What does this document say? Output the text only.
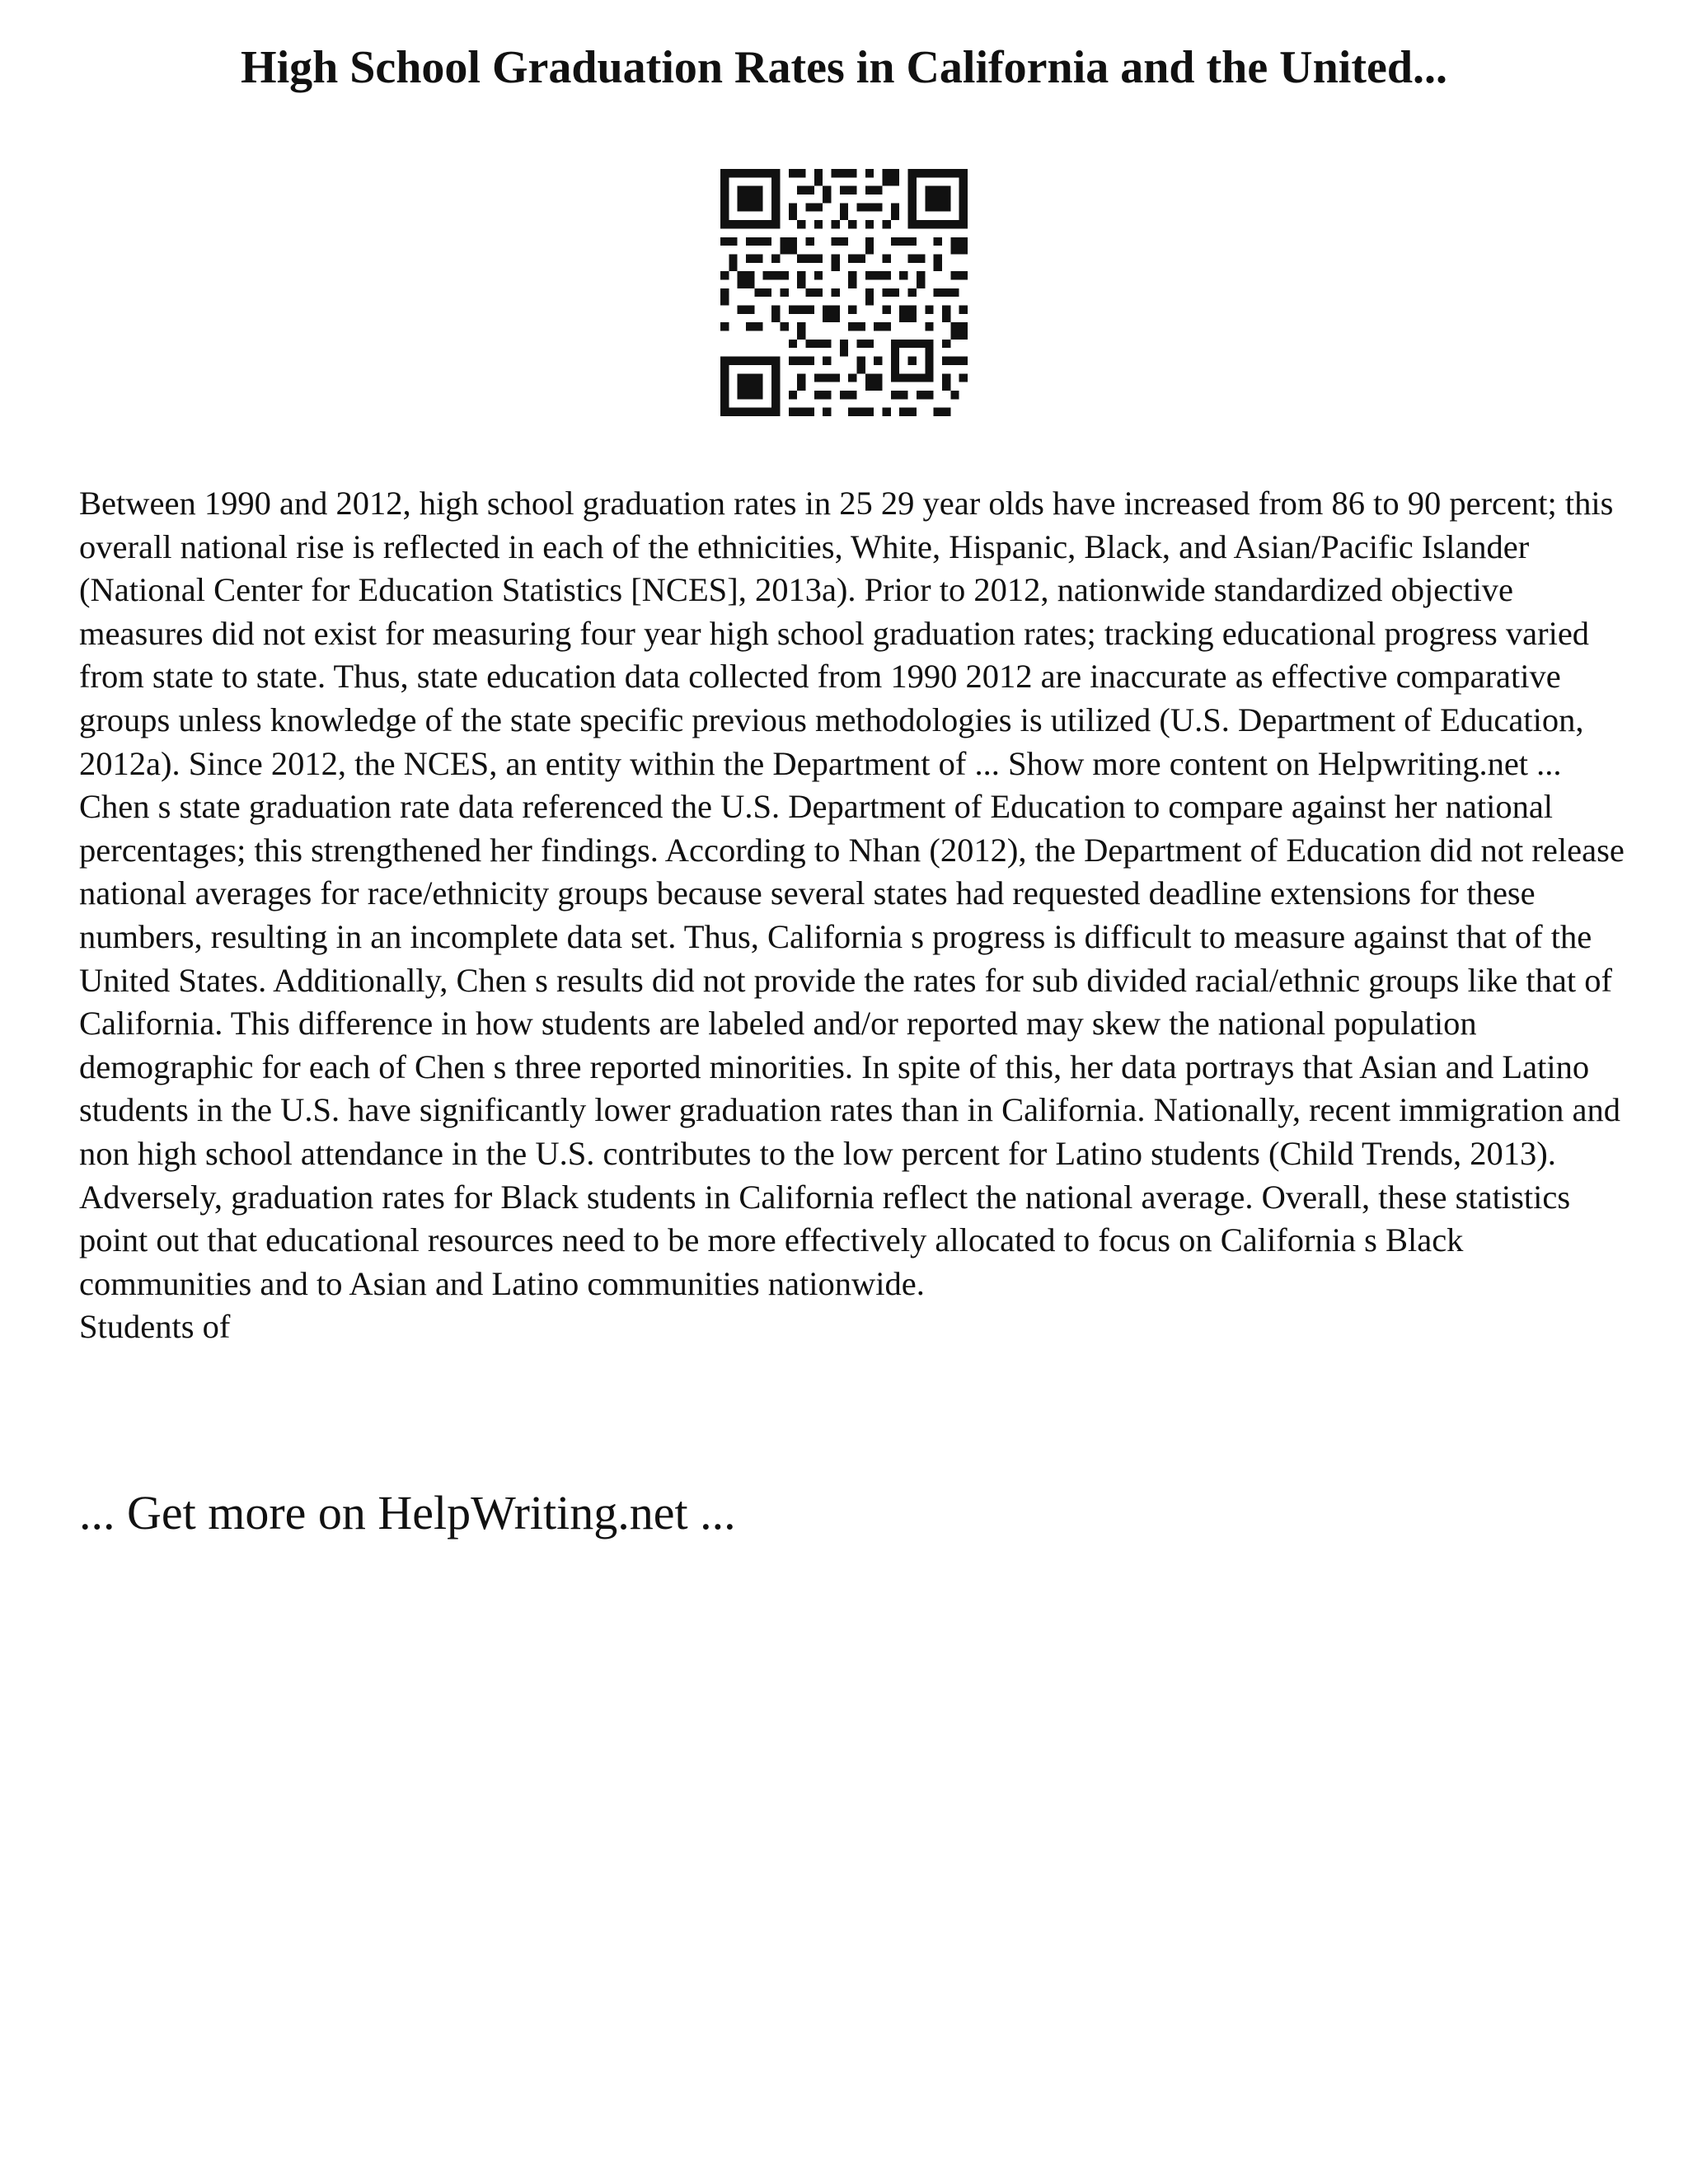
High School Graduation Rates in California and the United...

Between 1990 and 2012, high school graduation rates in 25 29 year olds have increased from 86 to 90 percent; this overall national rise is reflected in each of the ethnicities, White, Hispanic, Black, and Asian/Pacific Islander (National Center for Education Statistics [NCES], 2013a). Prior to 2012, nationwide standardized objective measures did not exist for measuring four year high school graduation rates; tracking educational progress varied from state to state. Thus, state education data collected from 1990 2012 are inaccurate as effective comparative groups unless knowledge of the state specific previous methodologies is utilized (U.S. Department of Education, 2012a). Since 2012, the NCES, an entity within the Department of ... Show more content on Helpwriting.net ...

Chen s state graduation rate data referenced the U.S. Department of Education to compare against her national percentages; this strengthened her findings. According to Nhan (2012), the Department of Education did not release national averages for race/ethnicity groups because several states had requested deadline extensions for these numbers, resulting in an incomplete data set. Thus, California s progress is difficult to measure against that of the United States. Additionally, Chen s results did not provide the rates for sub divided racial/ethnic groups like that of California. This difference in how students are labeled and/or reported may skew the national population demographic for each of Chen s three reported minorities. In spite of this, her data portrays that Asian and Latino students in the U.S. have significantly lower graduation rates than in California. Nationally, recent immigration and non high school attendance in the U.S. contributes to the low percent for Latino students (Child Trends, 2013). Adversely, graduation rates for Black students in California reflect the national average. Overall, these statistics point out that educational resources need to be more effectively allocated to focus on California s Black communities and to Asian and Latino communities nationwide.

Students of

... Get more on HelpWriting.net ...
